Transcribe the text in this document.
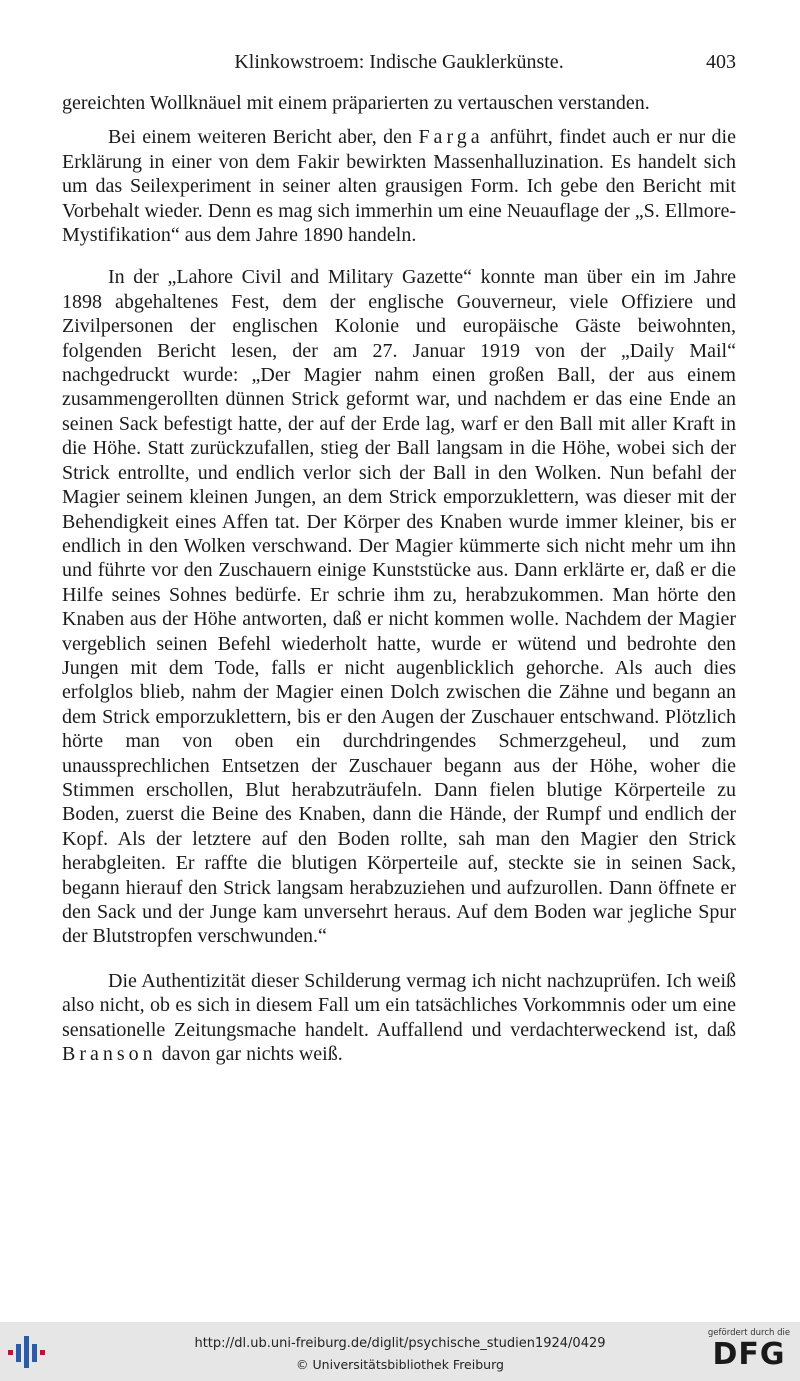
Klinkowstroem: Indische Gauklerkünste.	403

gereichten Wollknäuel mit einem präparierten zu vertauschen verstanden.

Bei einem weiteren Bericht aber, den Farga anführt, findet auch er nur die Erklärung in einer von dem Fakir bewirkten Massenhalluzination. Es handelt sich um das Seilexperiment in seiner alten grausigen Form. Ich gebe den Bericht mit Vorbehalt wieder. Denn es mag sich immerhin um eine Neuauflage der „S. Ellmore-Mystifikation“ aus dem Jahre 1890 handeln.

In der „Lahore Civil and Military Gazette“ konnte man über ein im Jahre 1898 abgehaltenes Fest, dem der englische Gouverneur, viele Offiziere und Zivilpersonen der englischen Kolonie und europäische Gäste beiwohnten, folgenden Bericht lesen, der am 27. Januar 1919 von der „Daily Mail“ nachgedruckt wurde: „Der Magier nahm einen großen Ball, der aus einem zusammengerollten dünnen Strick geformt war, und nachdem er das eine Ende an seinen Sack befestigt hatte, der auf der Erde lag, warf er den Ball mit aller Kraft in die Höhe. Statt zurückzufallen, stieg der Ball langsam in die Höhe, wobei sich der Strick entrollte, und endlich verlor sich der Ball in den Wolken. Nun befahl der Magier seinem kleinen Jungen, an dem Strick emporzuklettern, was dieser mit der Behendigkeit eines Affen tat. Der Körper des Knaben wurde immer kleiner, bis er endlich in den Wolken verschwand. Der Magier kümmerte sich nicht mehr um ihn und führte vor den Zuschauern einige Kunststücke aus. Dann erklärte er, daß er die Hilfe seines Sohnes bedürfe. Er schrie ihm zu, herabzukommen. Man hörte den Knaben aus der Höhe antworten, daß er nicht kommen wolle. Nachdem der Magier vergeblich seinen Befehl wiederholt hatte, wurde er wütend und bedrohte den Jungen mit dem Tode, falls er nicht augenblicklich gehorche. Als auch dies erfolglos blieb, nahm der Magier einen Dolch zwischen die Zähne und begann an dem Strick emporzuklettern, bis er den Augen der Zuschauer entschwand. Plötzlich hörte man von oben ein durchdringendes Schmerzgeheul, und zum unaussprechlichen Entsetzen der Zuschauer begann aus der Höhe, woher die Stimmen erschollen, Blut herabzuträufeln. Dann fielen blutige Körperteile zu Boden, zuerst die Beine des Knaben, dann die Hände, der Rumpf und endlich der Kopf. Als der letztere auf den Boden rollte, sah man den Magier den Strick herabgleiten. Er raffte die blutigen Körperteile auf, steckte sie in seinen Sack, begann hierauf den Strick langsam herabzuziehen und aufzurollen. Dann öffnete er den Sack und der Junge kam unversehrt heraus. Auf dem Boden war jegliche Spur der Blutstropfen verschwunden.“

Die Authentizität dieser Schilderung vermag ich nicht nachzuprüfen. Ich weiß also nicht, ob es sich in diesem Fall um ein tatsächliches Vorkommnis oder um eine sensationelle Zeitungsmache handelt. Auffallend und verdachterweckend ist, daß Branson davon gar nichts weiß.

http://dl.ub.uni-freiburg.de/diglit/psychische_studien1924/0429
© Universitätsbibliothek Freiburg
gefördert durch die
DFG
